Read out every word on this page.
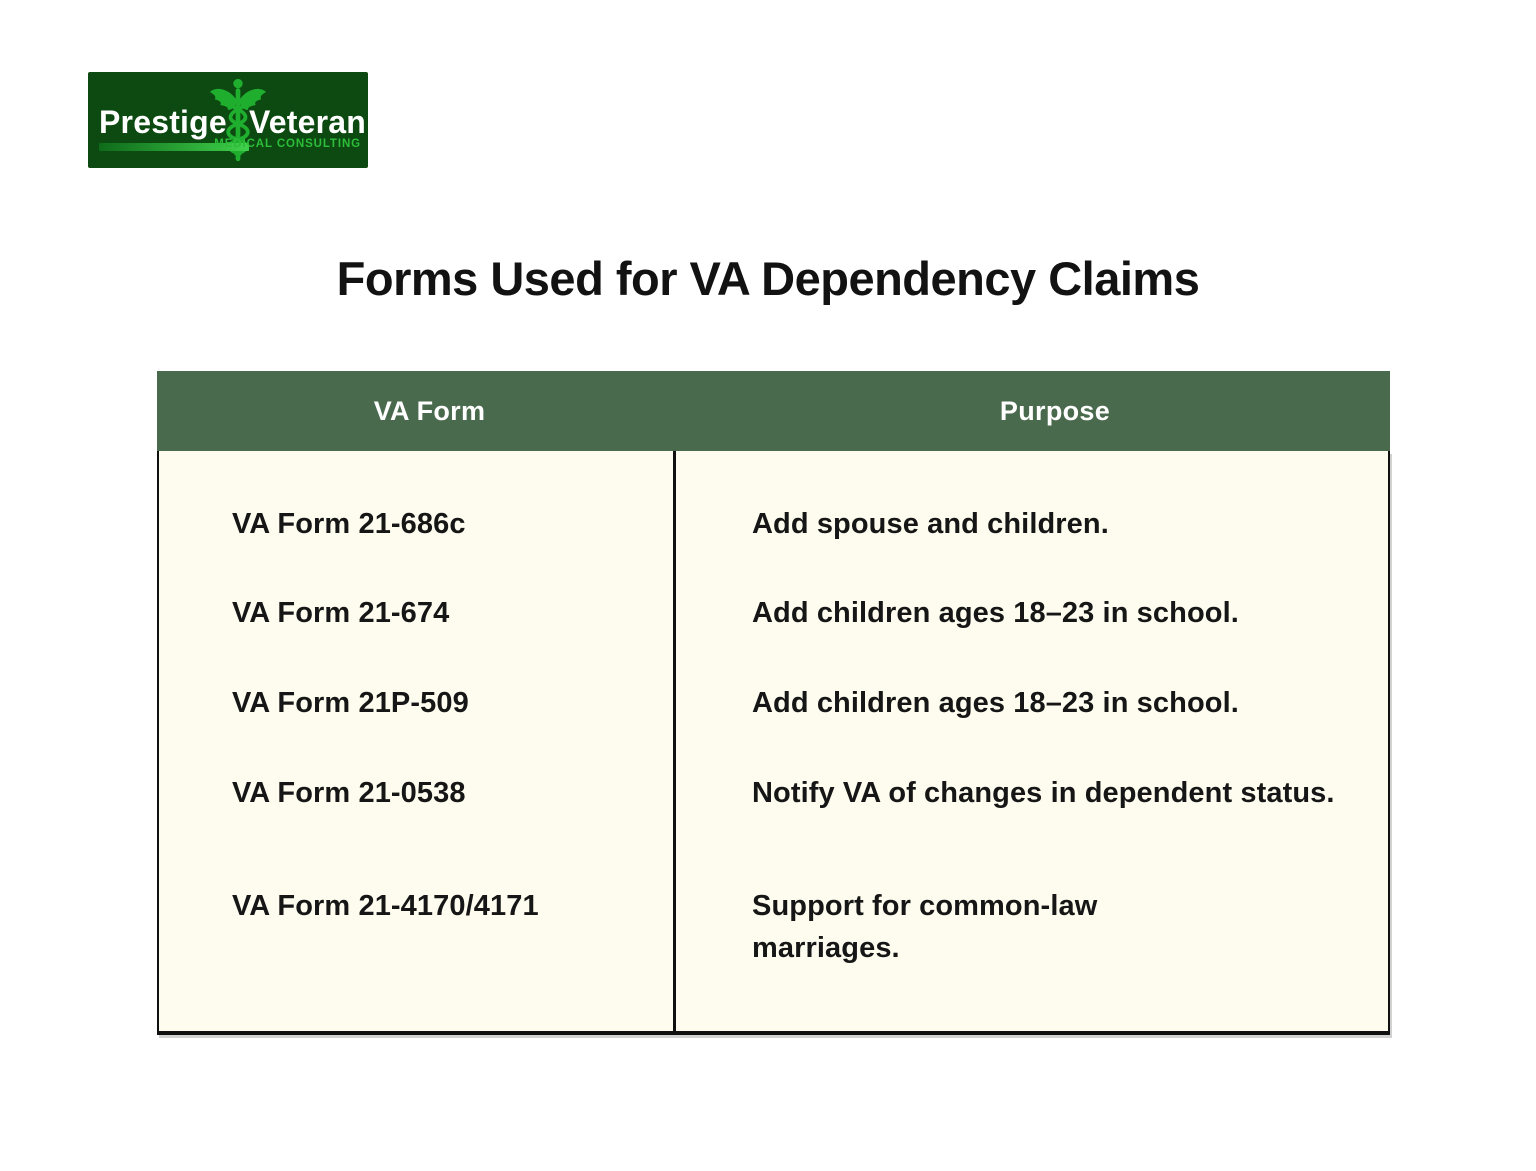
Prestige Veteran
MEDICAL CONSULTING
Forms Used for VA Dependency Claims
VA Form	Purpose
VA Form 21-686c
VA Form 21-674
VA Form 21P-509
VA Form 21-0538
VA Form 21-4170/4171
Add spouse and children.
Add children ages 18–23 in school.
Add children ages 18–23 in school.
Notify VA of changes in dependent status.
Support for common-law marriages.
